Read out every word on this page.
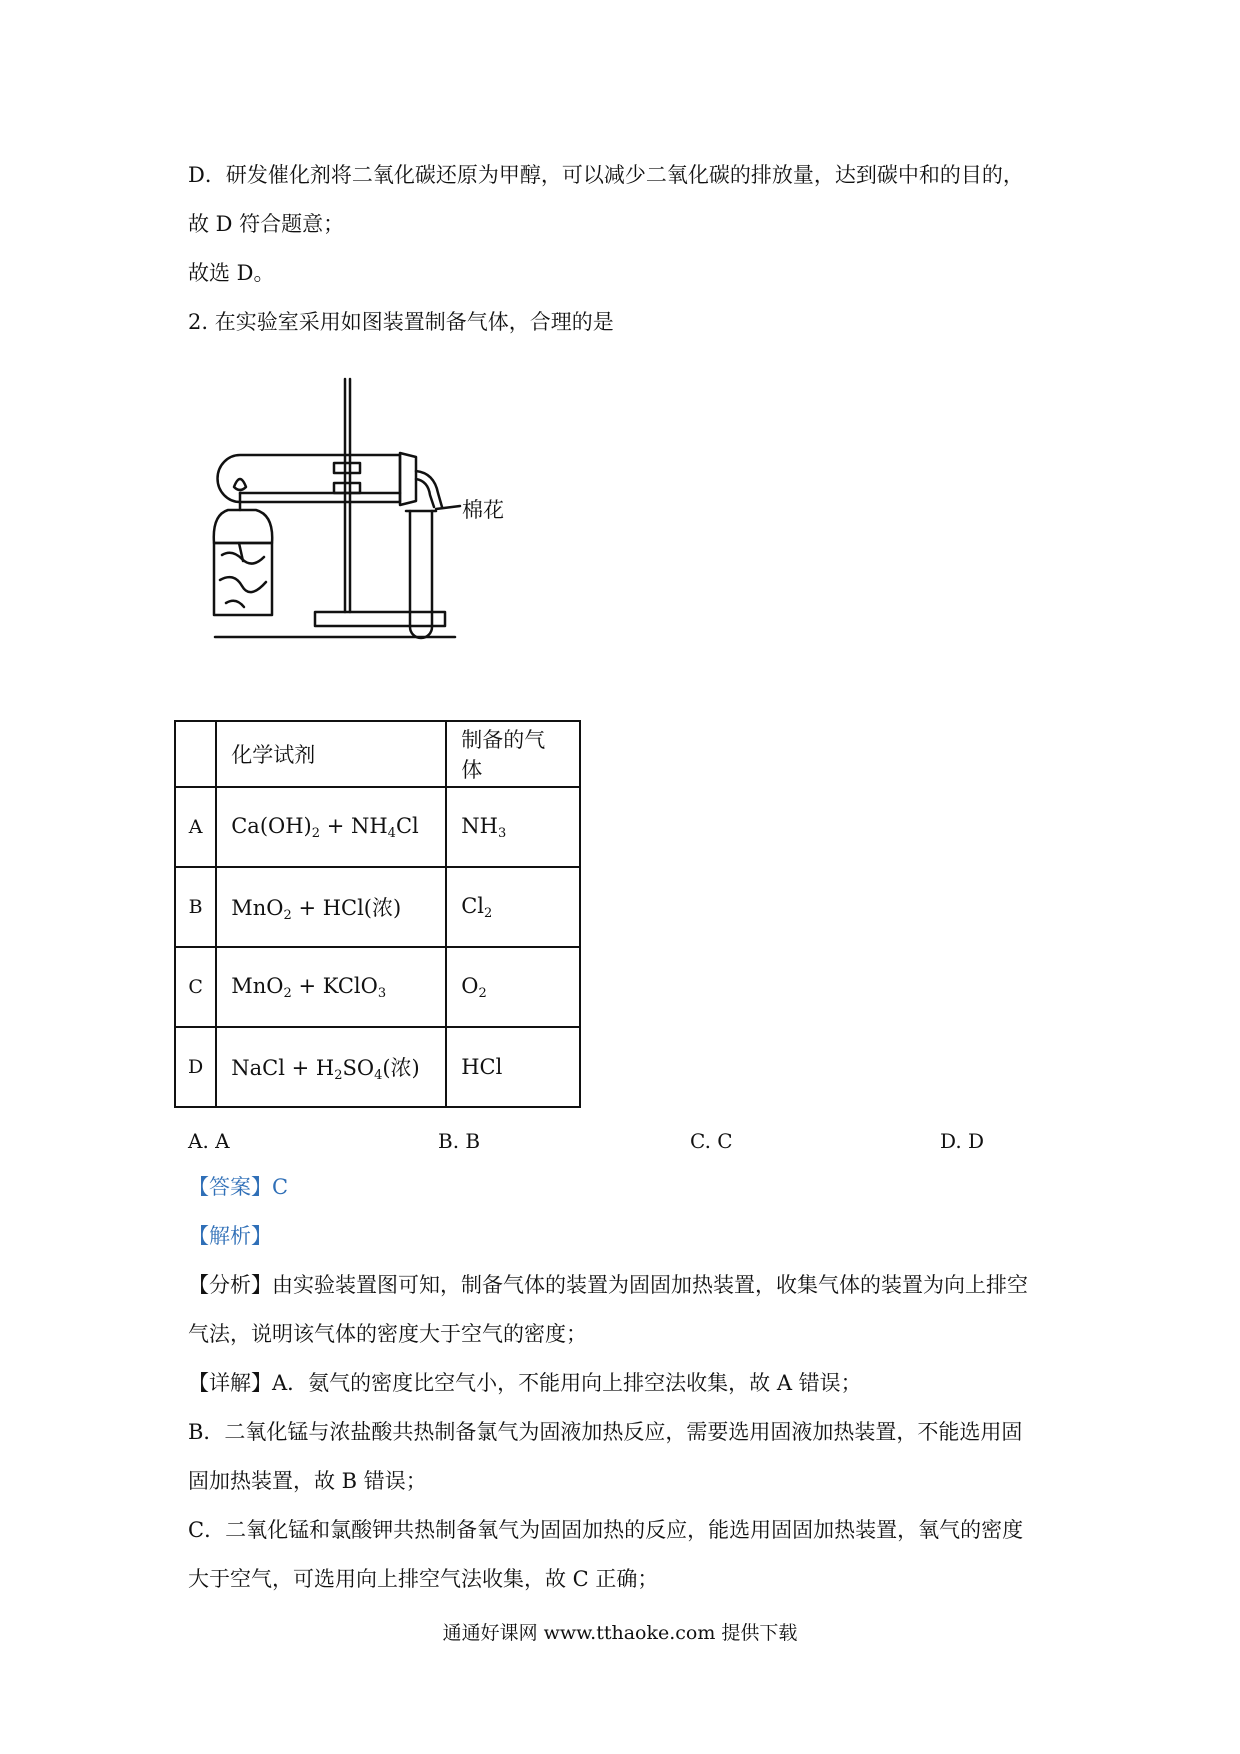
D．研发催化剂将二氧化碳还原为甲醇，可以减少二氧化碳的排放量，达到碳中和的目的，
故 D 符合题意；
故选 D。
2. 在实验室采用如图装置制备气体，合理的是
棉花
	化学试剂	制备的气体
A	$Ca(OH)_2 + NH_4Cl$	$NH_3$
B	MnO$_2$ + HCl(浓)	$Cl_2$
C	MnO$_2$ + KClO$_3$	$O_2$
D	NaCl + $H_2SO_4$(浓)	HCl
A. A	B. B	C. C	D. D
【答案】C
【解析】
【分析】由实验装置图可知，制备气体的装置为固固加热装置，收集气体的装置为向上排空
气法，说明该气体的密度大于空气的密度；
【详解】A．氨气的密度比空气小，不能用向上排空法收集，故 A 错误；
B．二氧化锰与浓盐酸共热制备氯气为固液加热反应，需要选用固液加热装置，不能选用固
固加热装置，故 B 错误；
C．二氧化锰和氯酸钾共热制备氧气为固固加热的反应，能选用固固加热装置，氧气的密度
大于空气，可选用向上排空气法收集，故 C 正确；
通通好课网 www.tthaoke.com 提供下载
